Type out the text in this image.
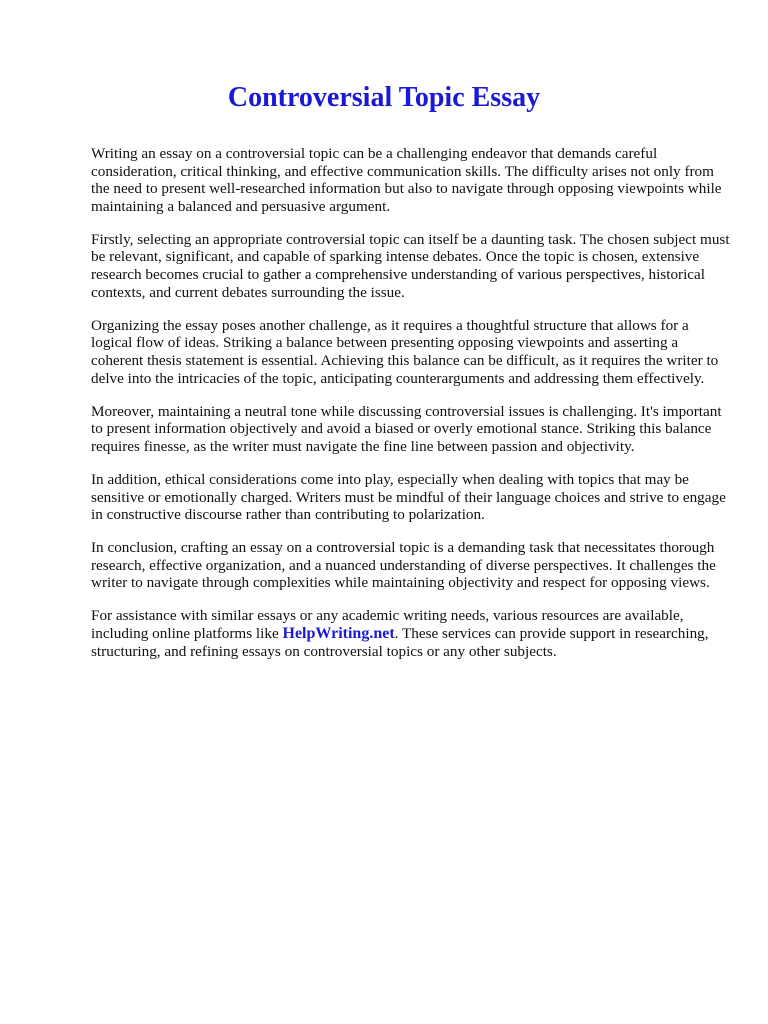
Controversial Topic Essay

Writing an essay on a controversial topic can be a challenging endeavor that demands careful consideration, critical thinking, and effective communication skills. The difficulty arises not only from the need to present well-researched information but also to navigate through opposing viewpoints while maintaining a balanced and persuasive argument.

Firstly, selecting an appropriate controversial topic can itself be a daunting task. The chosen subject must be relevant, significant, and capable of sparking intense debates. Once the topic is chosen, extensive research becomes crucial to gather a comprehensive understanding of various perspectives, historical contexts, and current debates surrounding the issue.

Organizing the essay poses another challenge, as it requires a thoughtful structure that allows for a logical flow of ideas. Striking a balance between presenting opposing viewpoints and asserting a coherent thesis statement is essential. Achieving this balance can be difficult, as it requires the writer to delve into the intricacies of the topic, anticipating counterarguments and addressing them effectively.

Moreover, maintaining a neutral tone while discussing controversial issues is challenging. It's important to present information objectively and avoid a biased or overly emotional stance. Striking this balance requires finesse, as the writer must navigate the fine line between passion and objectivity.

In addition, ethical considerations come into play, especially when dealing with topics that may be sensitive or emotionally charged. Writers must be mindful of their language choices and strive to engage in constructive discourse rather than contributing to polarization.

In conclusion, crafting an essay on a controversial topic is a demanding task that necessitates thorough research, effective organization, and a nuanced understanding of diverse perspectives. It challenges the writer to navigate through complexities while maintaining objectivity and respect for opposing views.

For assistance with similar essays or any academic writing needs, various resources are available, including online platforms like HelpWriting.net. These services can provide support in researching, structuring, and refining essays on controversial topics or any other subjects.
